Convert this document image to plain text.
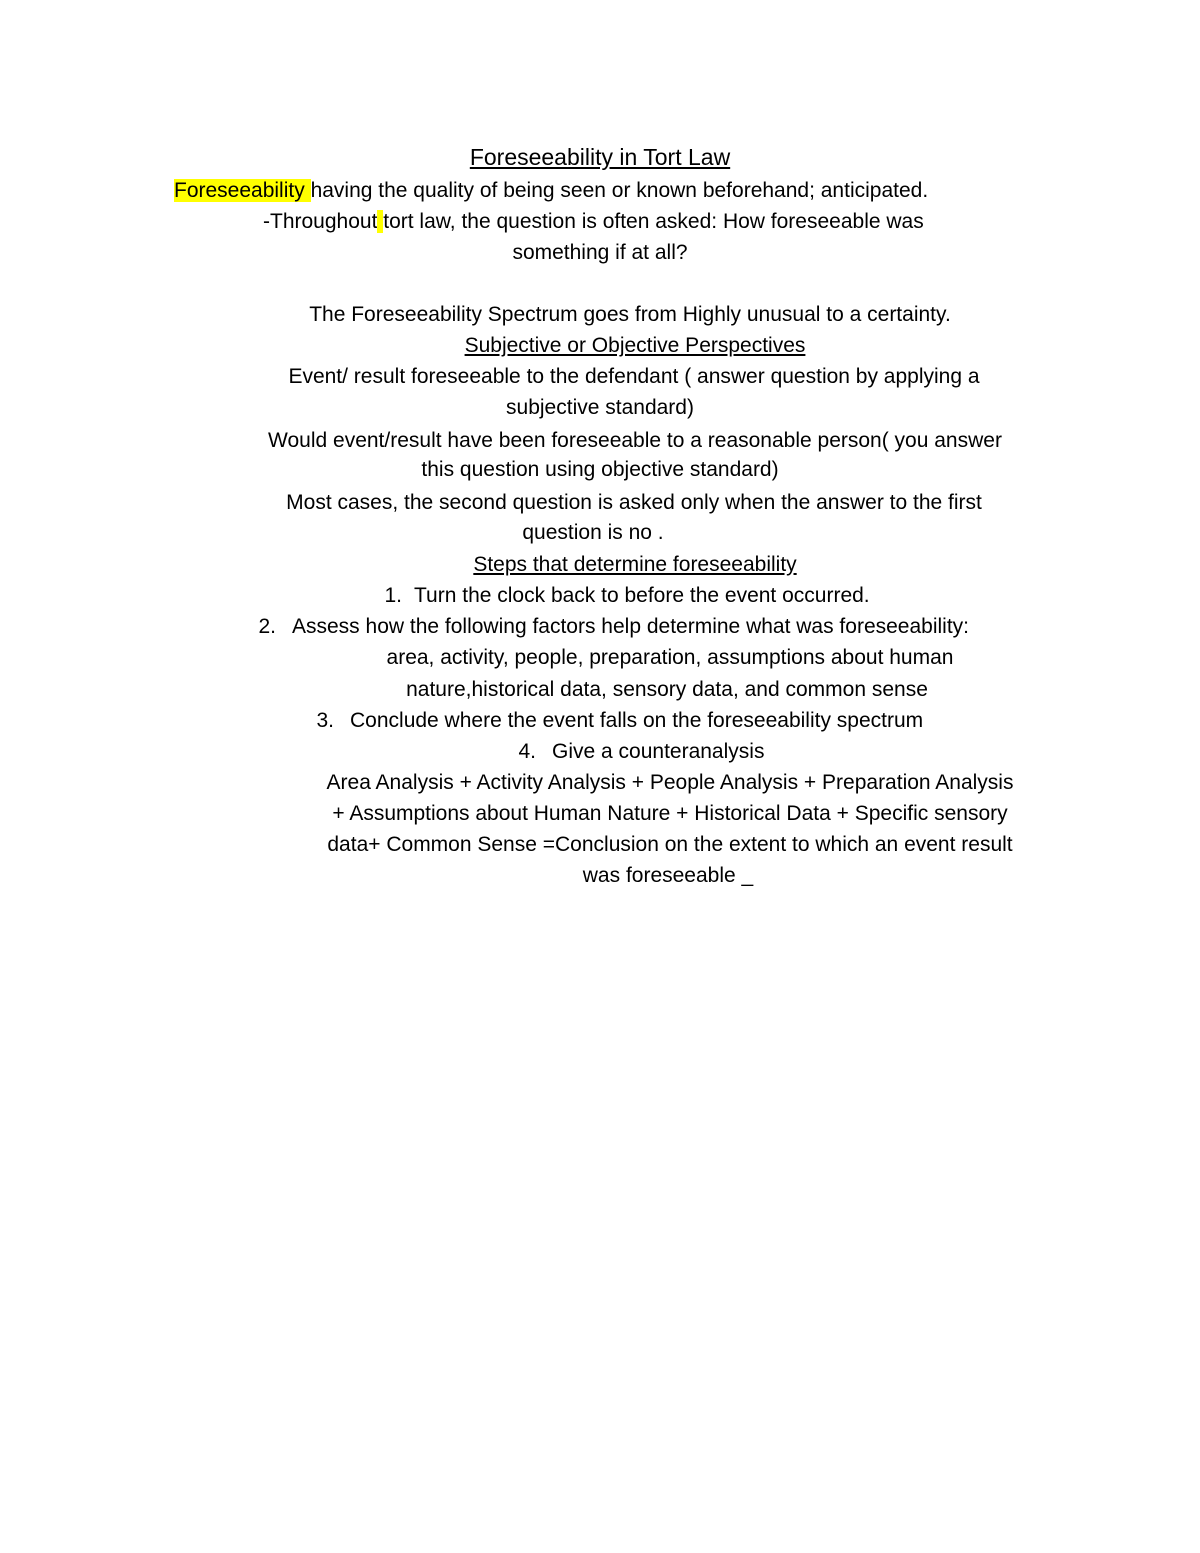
Foreseeability in Tort Law
Foreseeability having the quality of being seen or known beforehand; anticipated.
-Throughout tort law, the question is often asked: How foreseeable was
something if at all?
The Foreseeability Spectrum goes from Highly unusual to a certainty.
Subjective or Objective Perspectives
Event/ result foreseeable to the defendant ( answer question by applying a
subjective standard)
Would event/result have been foreseeable to a reasonable person( you answer
this question using objective standard)
Most cases, the second question is asked only when the answer to the first
question is no .
Steps that determine foreseeability
1. Turn the clock back to before the event occurred.
2. Assess how the following factors help determine what was foreseeability:
area, activity, people, preparation, assumptions about human
nature,historical data, sensory data, and common sense
3. Conclude where the event falls on the foreseeability spectrum
4. Give a counteranalysis
Area Analysis + Activity Analysis + People Analysis + Preparation Analysis
+ Assumptions about Human Nature + Historical Data + Specific sensory
data+ Common Sense =Conclusion on the extent to which an event result
was foreseeable _
